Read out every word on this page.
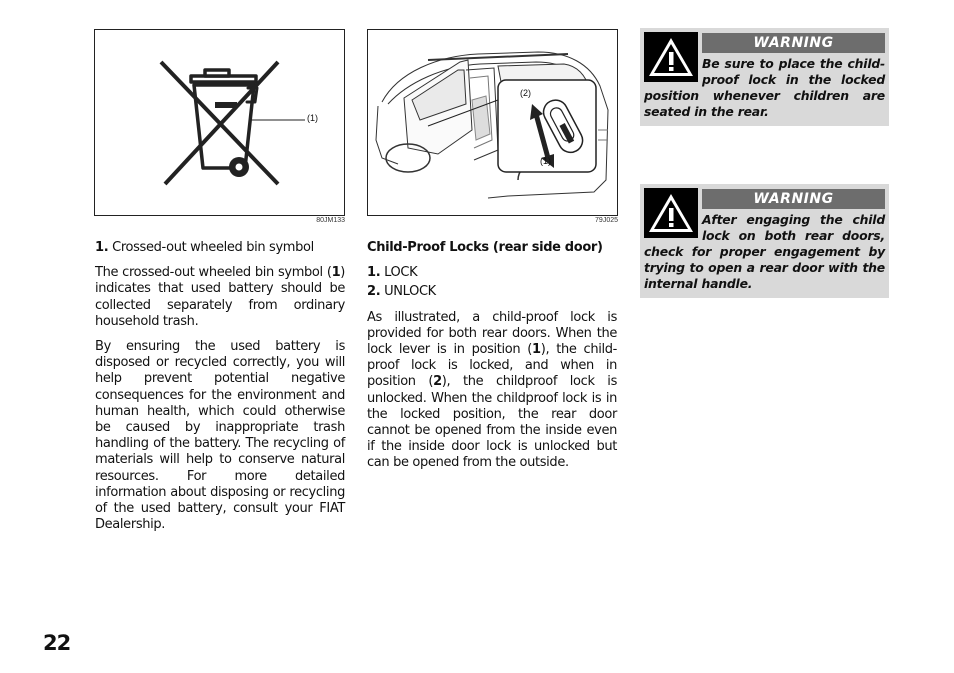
(1)
80JM133
(2)
(1)
79J025

1. Crossed-out wheeled bin symbol

The crossed-out wheeled bin symbol (1) indicates that used battery should be collected separately from ordinary household trash.

By ensuring the used battery is disposed or recycled correctly, you will help prevent potential negative consequences for the environment and human health, which could otherwise be caused by inappropriate trash handling of the battery. The recycling of materials will help to conserve natural resources. For more detailed information about disposing or recycling of the used battery, consult your FIAT Dealership.

Child-Proof Locks (rear side door)
1. LOCK
2. UNLOCK

As illustrated, a child-proof lock is provided for both rear doors. When the lock lever is in position (1), the child-proof lock is locked, and when in position (2), the childproof lock is unlocked. When the childproof lock is in the locked position, the rear door cannot be opened from the inside even if the inside door lock is unlocked but can be opened from the outside.

WARNING
Be sure to place the child-proof lock in the locked position whenever children are seated in the rear.
WARNING
After engaging the child lock on both rear doors, check for proper engagement by trying to open a rear door with the internal handle.
22
